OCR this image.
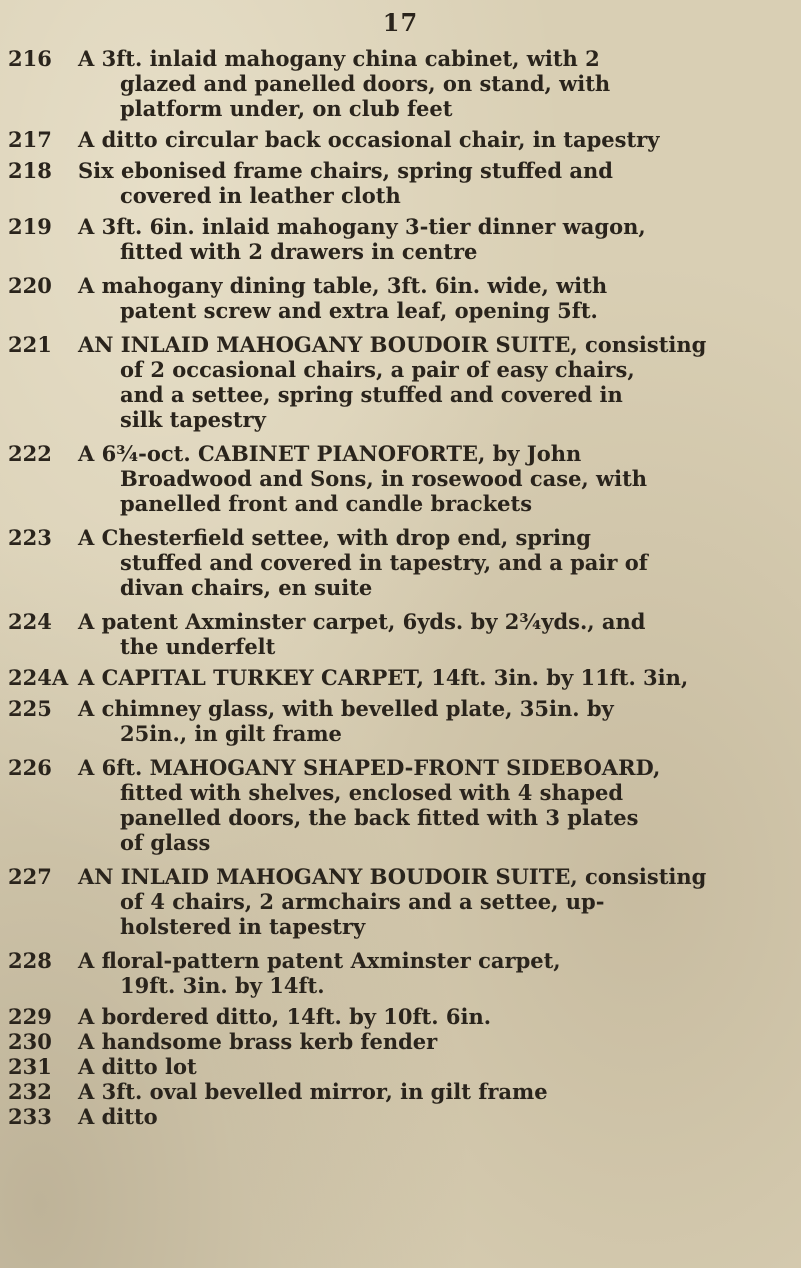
17
216	A 3ft. inlaid mahogany china cabinet, with 2
glazed and panelled doors, on stand, with
platform under, on club feet
217	A ditto circular back occasional chair, in tapestry
218	Six ebonised frame chairs, spring stuffed and
covered in leather cloth
219	A 3ft. 6in. inlaid mahogany 3-tier dinner wagon,
fitted with 2 drawers in centre
220	A mahogany dining table, 3ft. 6in. wide, with
patent screw and extra leaf, opening 5ft.
221	AN INLAID MAHOGANY BOUDOIR SUITE, consisting
of 2 occasional chairs, a pair of easy chairs,
and a settee, spring stuffed and covered in
silk tapestry
222	A 6¾-oct. CABINET PIANOFORTE, by John
Broadwood and Sons, in rosewood case, with
panelled front and candle brackets
223	A Chesterfield settee, with drop end, spring
stuffed and covered in tapestry, and a pair of
divan chairs, en suite
224	A patent Axminster carpet, 6yds. by 2¾yds., and
the underfelt
224A A CAPITAL TURKEY CARPET, 14ft. 3in. by 11ft. 3in,
225	A chimney glass, with bevelled plate, 35in. by
25in., in gilt frame
226	A 6ft. MAHOGANY SHAPED-FRONT SIDEBOARD,
fitted with shelves, enclosed with 4 shaped
panelled doors, the back fitted with 3 plates
of glass
227	AN INLAID MAHOGANY BOUDOIR SUITE, consisting
of 4 chairs, 2 armchairs and a settee, up-
holstered in tapestry
228	A floral-pattern patent Axminster carpet,
19ft. 3in. by 14ft.
229	A bordered ditto, 14ft. by 10ft. 6in.
230	A handsome brass kerb fender
231	A ditto lot
232	A 3ft. oval bevelled mirror, in gilt frame
233	A ditto
